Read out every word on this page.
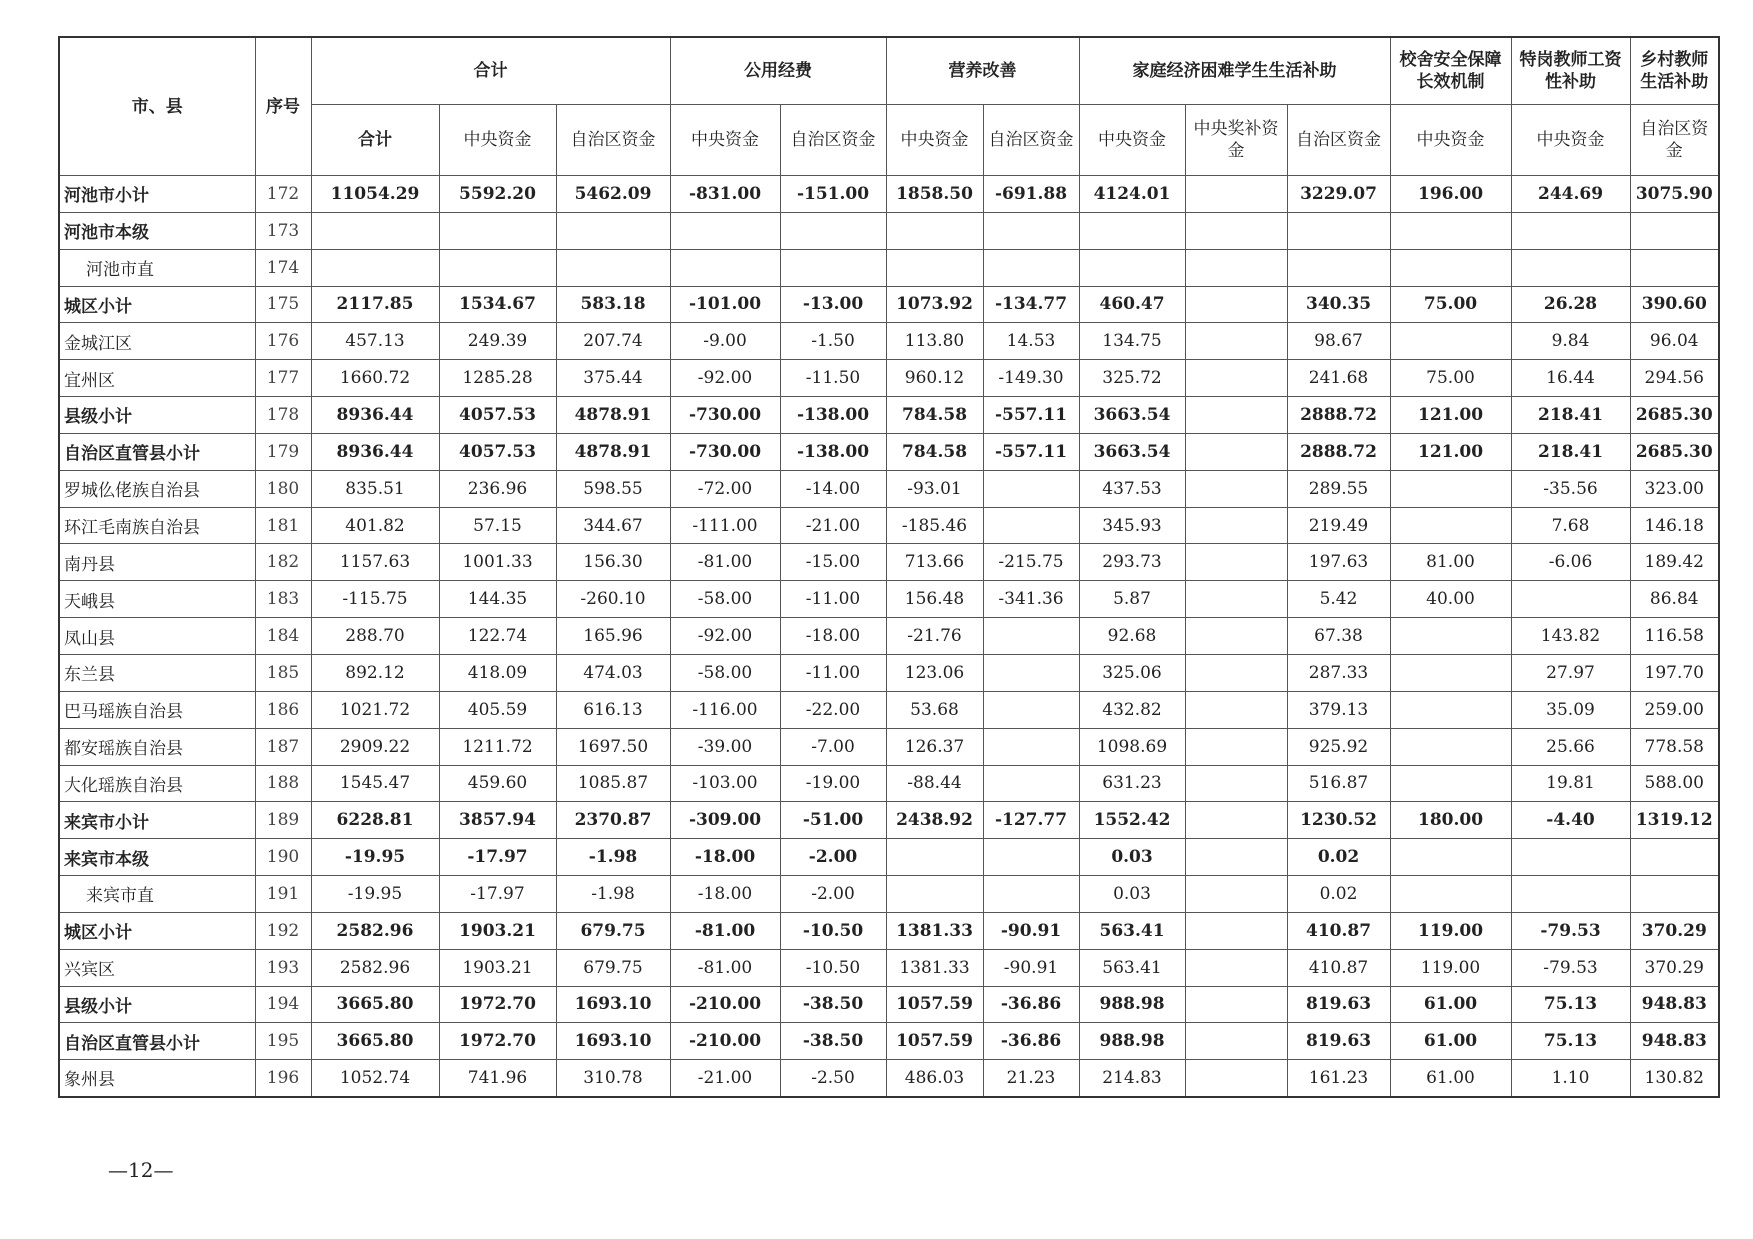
市、县	序号	合计			公用经费		营养改善		家庭经济困难学生生活补助			校舍安全保障长效机制	特岗教师工资性补助	乡村教师生活补助
		合计	中央资金	自治区资金	中央资金	自治区资金	中央资金	自治区资金	中央资金	中央奖补资金	自治区资金	中央资金	中央资金	自治区资金
河池市小计	172	11054.29	5592.20	5462.09	-831.00	-151.00	1858.50	-691.88	4124.01		3229.07	196.00	244.69	3075.90
河池市本级	173													
河池市直	174													
城区小计	175	2117.85	1534.67	583.18	-101.00	-13.00	1073.92	-134.77	460.47		340.35	75.00	26.28	390.60
金城江区	176	457.13	249.39	207.74	-9.00	-1.50	113.80	14.53	134.75		98.67		9.84	96.04
宜州区	177	1660.72	1285.28	375.44	-92.00	-11.50	960.12	-149.30	325.72		241.68	75.00	16.44	294.56
县级小计	178	8936.44	4057.53	4878.91	-730.00	-138.00	784.58	-557.11	3663.54		2888.72	121.00	218.41	2685.30
自治区直管县小计	179	8936.44	4057.53	4878.91	-730.00	-138.00	784.58	-557.11	3663.54		2888.72	121.00	218.41	2685.30
罗城仫佬族自治县	180	835.51	236.96	598.55	-72.00	-14.00	-93.01		437.53		289.55		-35.56	323.00
环江毛南族自治县	181	401.82	57.15	344.67	-111.00	-21.00	-185.46		345.93		219.49		7.68	146.18
南丹县	182	1157.63	1001.33	156.30	-81.00	-15.00	713.66	-215.75	293.73		197.63	81.00	-6.06	189.42
天峨县	183	-115.75	144.35	-260.10	-58.00	-11.00	156.48	-341.36	5.87		5.42	40.00		86.84
凤山县	184	288.70	122.74	165.96	-92.00	-18.00	-21.76		92.68		67.38		143.82	116.58
东兰县	185	892.12	418.09	474.03	-58.00	-11.00	123.06		325.06		287.33		27.97	197.70
巴马瑶族自治县	186	1021.72	405.59	616.13	-116.00	-22.00	53.68		432.82		379.13		35.09	259.00
都安瑶族自治县	187	2909.22	1211.72	1697.50	-39.00	-7.00	126.37		1098.69		925.92		25.66	778.58
大化瑶族自治县	188	1545.47	459.60	1085.87	-103.00	-19.00	-88.44		631.23		516.87		19.81	588.00
来宾市小计	189	6228.81	3857.94	2370.87	-309.00	-51.00	2438.92	-127.77	1552.42		1230.52	180.00	-4.40	1319.12
来宾市本级	190	-19.95	-17.97	-1.98	-18.00	-2.00			0.03		0.02			
来宾市直	191	-19.95	-17.97	-1.98	-18.00	-2.00			0.03		0.02			
城区小计	192	2582.96	1903.21	679.75	-81.00	-10.50	1381.33	-90.91	563.41		410.87	119.00	-79.53	370.29
兴宾区	193	2582.96	1903.21	679.75	-81.00	-10.50	1381.33	-90.91	563.41		410.87	119.00	-79.53	370.29
县级小计	194	3665.80	1972.70	1693.10	-210.00	-38.50	1057.59	-36.86	988.98		819.63	61.00	75.13	948.83
自治区直管县小计	195	3665.80	1972.70	1693.10	-210.00	-38.50	1057.59	-36.86	988.98		819.63	61.00	75.13	948.83
象州县	196	1052.74	741.96	310.78	-21.00	-2.50	486.03	21.23	214.83		161.23	61.00	1.10	130.82
—12—
